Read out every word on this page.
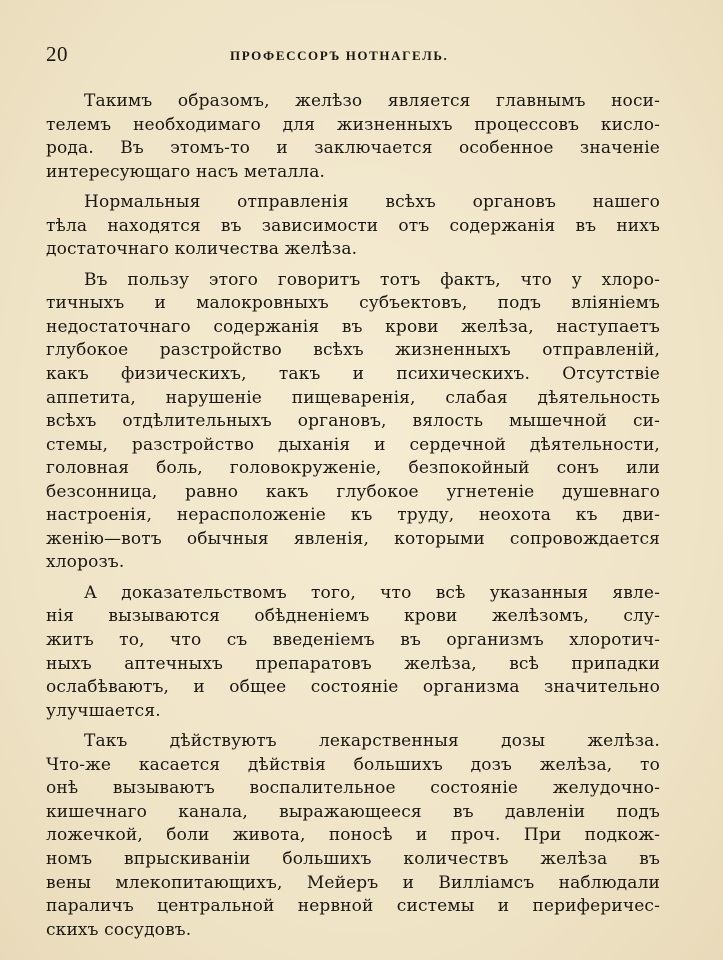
20	ПРОФЕССОРЪ НОТНАГЕЛЬ.
Такимъ образомъ, желѣзо является главнымъ носи-
телемъ необходимаго для жизненныхъ процессовъ кисло-
рода. Въ этомъ-то и заключается особенное значеніе
интересующаго насъ металла.
Нормальныя отправленія всѣхъ органовъ нашего
тѣла находятся въ зависимости отъ содержанія въ нихъ
достаточнаго количества желѣза.
Въ пользу этого говоритъ тотъ фактъ, что у хлоро-
тичныхъ и малокровныхъ субъектовъ, подъ вліяніемъ
недостаточнаго содержанія въ крови желѣза, наступаетъ
глубокое разстройство всѣхъ жизненныхъ отправленій,
какъ физическихъ, такъ и психическихъ. Отсутствіе
аппетита, нарушеніе пищеваренія, слабая дѣятельность
всѣхъ отдѣлительныхъ органовъ, вялость мышечной си-
стемы, разстройство дыханія и сердечной дѣятельности,
головная боль, головокруженіе, безпокойный сонъ или
безсонница, равно какъ глубокое угнетеніе душевнаго
настроенія, нерасположеніе къ труду, неохота къ дви-
женію—вотъ обычныя явленія, которыми сопровождается
хлорозъ.
А доказательствомъ того, что всѣ указанныя явле-
нія вызываются обѣдненіемъ крови желѣзомъ, слу-
житъ то, что съ введеніемъ въ организмъ хлоротич-
ныхъ аптечныхъ препаратовъ желѣза, всѣ припадки
ослабѣваютъ, и общее состояніе организма значительно
улучшается.
Такъ дѣйствуютъ лекарственныя дозы желѣза.
Что-же касается дѣйствія большихъ дозъ желѣза, то
онѣ вызываютъ воспалительное состояніе желудочно-
кишечнаго канала, выражающееся въ давленіи подъ
ложечкой, боли живота, поносѣ и проч. При подкож-
номъ впрыскиваніи большихъ количествъ желѣза въ
вены млекопитающихъ, Мейеръ и Вилліамсъ наблюдали
параличъ центральной нервной системы и периферичес-
скихъ сосудовъ.
